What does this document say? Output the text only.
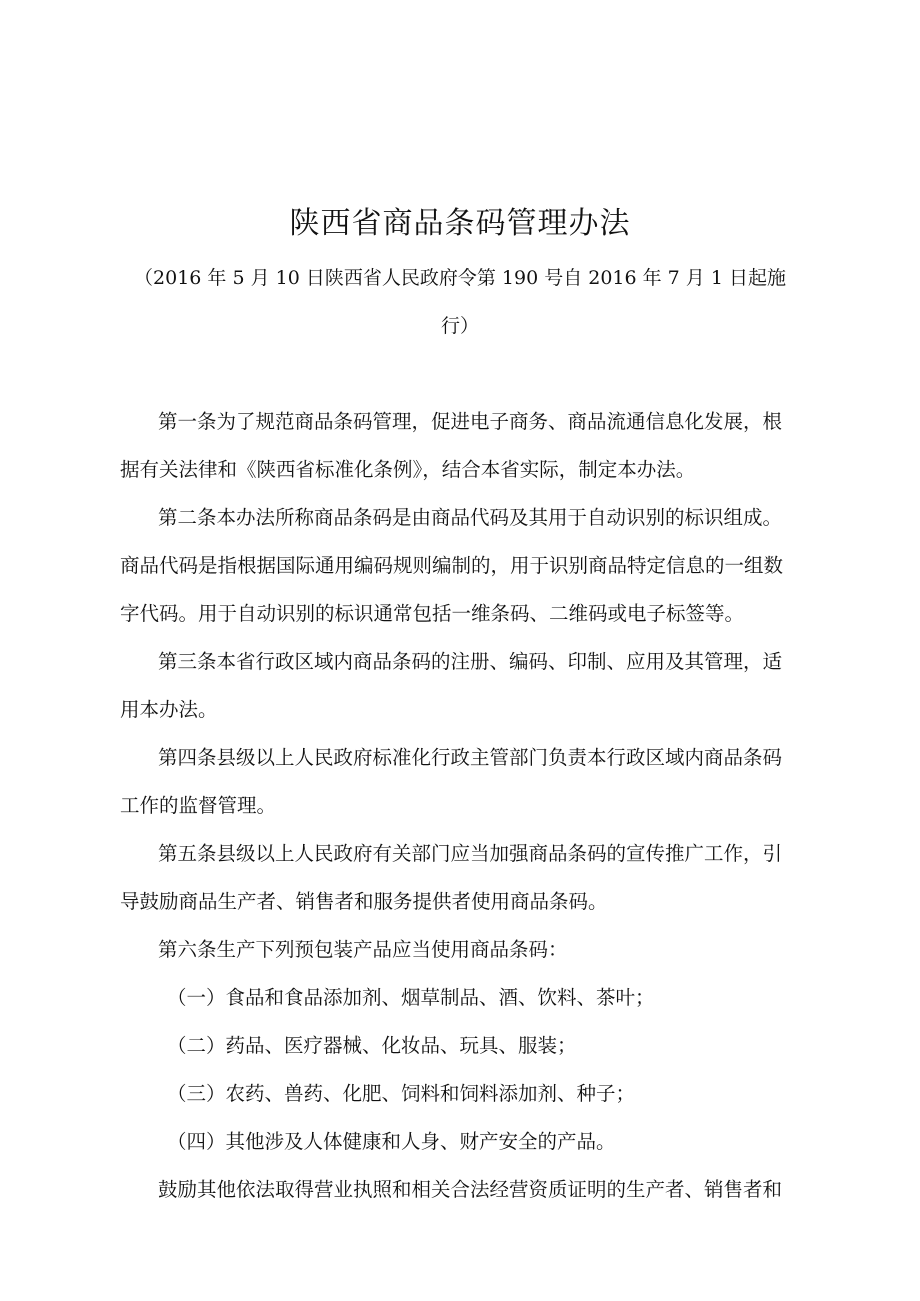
陕西省商品条码管理办法

（2016 年 5 月 10 日陕西省人民政府令第 190 号自 2016 年 7 月 1 日起施

行）

第一条为了规范商品条码管理，促进电子商务、商品流通信息化发展，根

据有关法律和《陕西省标准化条例》，结合本省实际，制定本办法。

第二条本办法所称商品条码是由商品代码及其用于自动识别的标识组成。

商品代码是指根据国际通用编码规则编制的，用于识别商品特定信息的一组数

字代码。用于自动识别的标识通常包括一维条码、二维码或电子标签等。

第三条本省行政区域内商品条码的注册、编码、印制、应用及其管理，适

用本办法。

第四条县级以上人民政府标准化行政主管部门负责本行政区域内商品条码

工作的监督管理。

第五条县级以上人民政府有关部门应当加强商品条码的宣传推广工作，引

导鼓励商品生产者、销售者和服务提供者使用商品条码。

第六条生产下列预包装产品应当使用商品条码：

（一）食品和食品添加剂、烟草制品、酒、饮料、茶叶；

（二）药品、医疗器械、化妆品、玩具、服装；

（三）农药、兽药、化肥、饲料和饲料添加剂、种子；

（四）其他涉及人体健康和人身、财产安全的产品。

鼓励其他依法取得营业执照和相关合法经营资质证明的生产者、销售者和
